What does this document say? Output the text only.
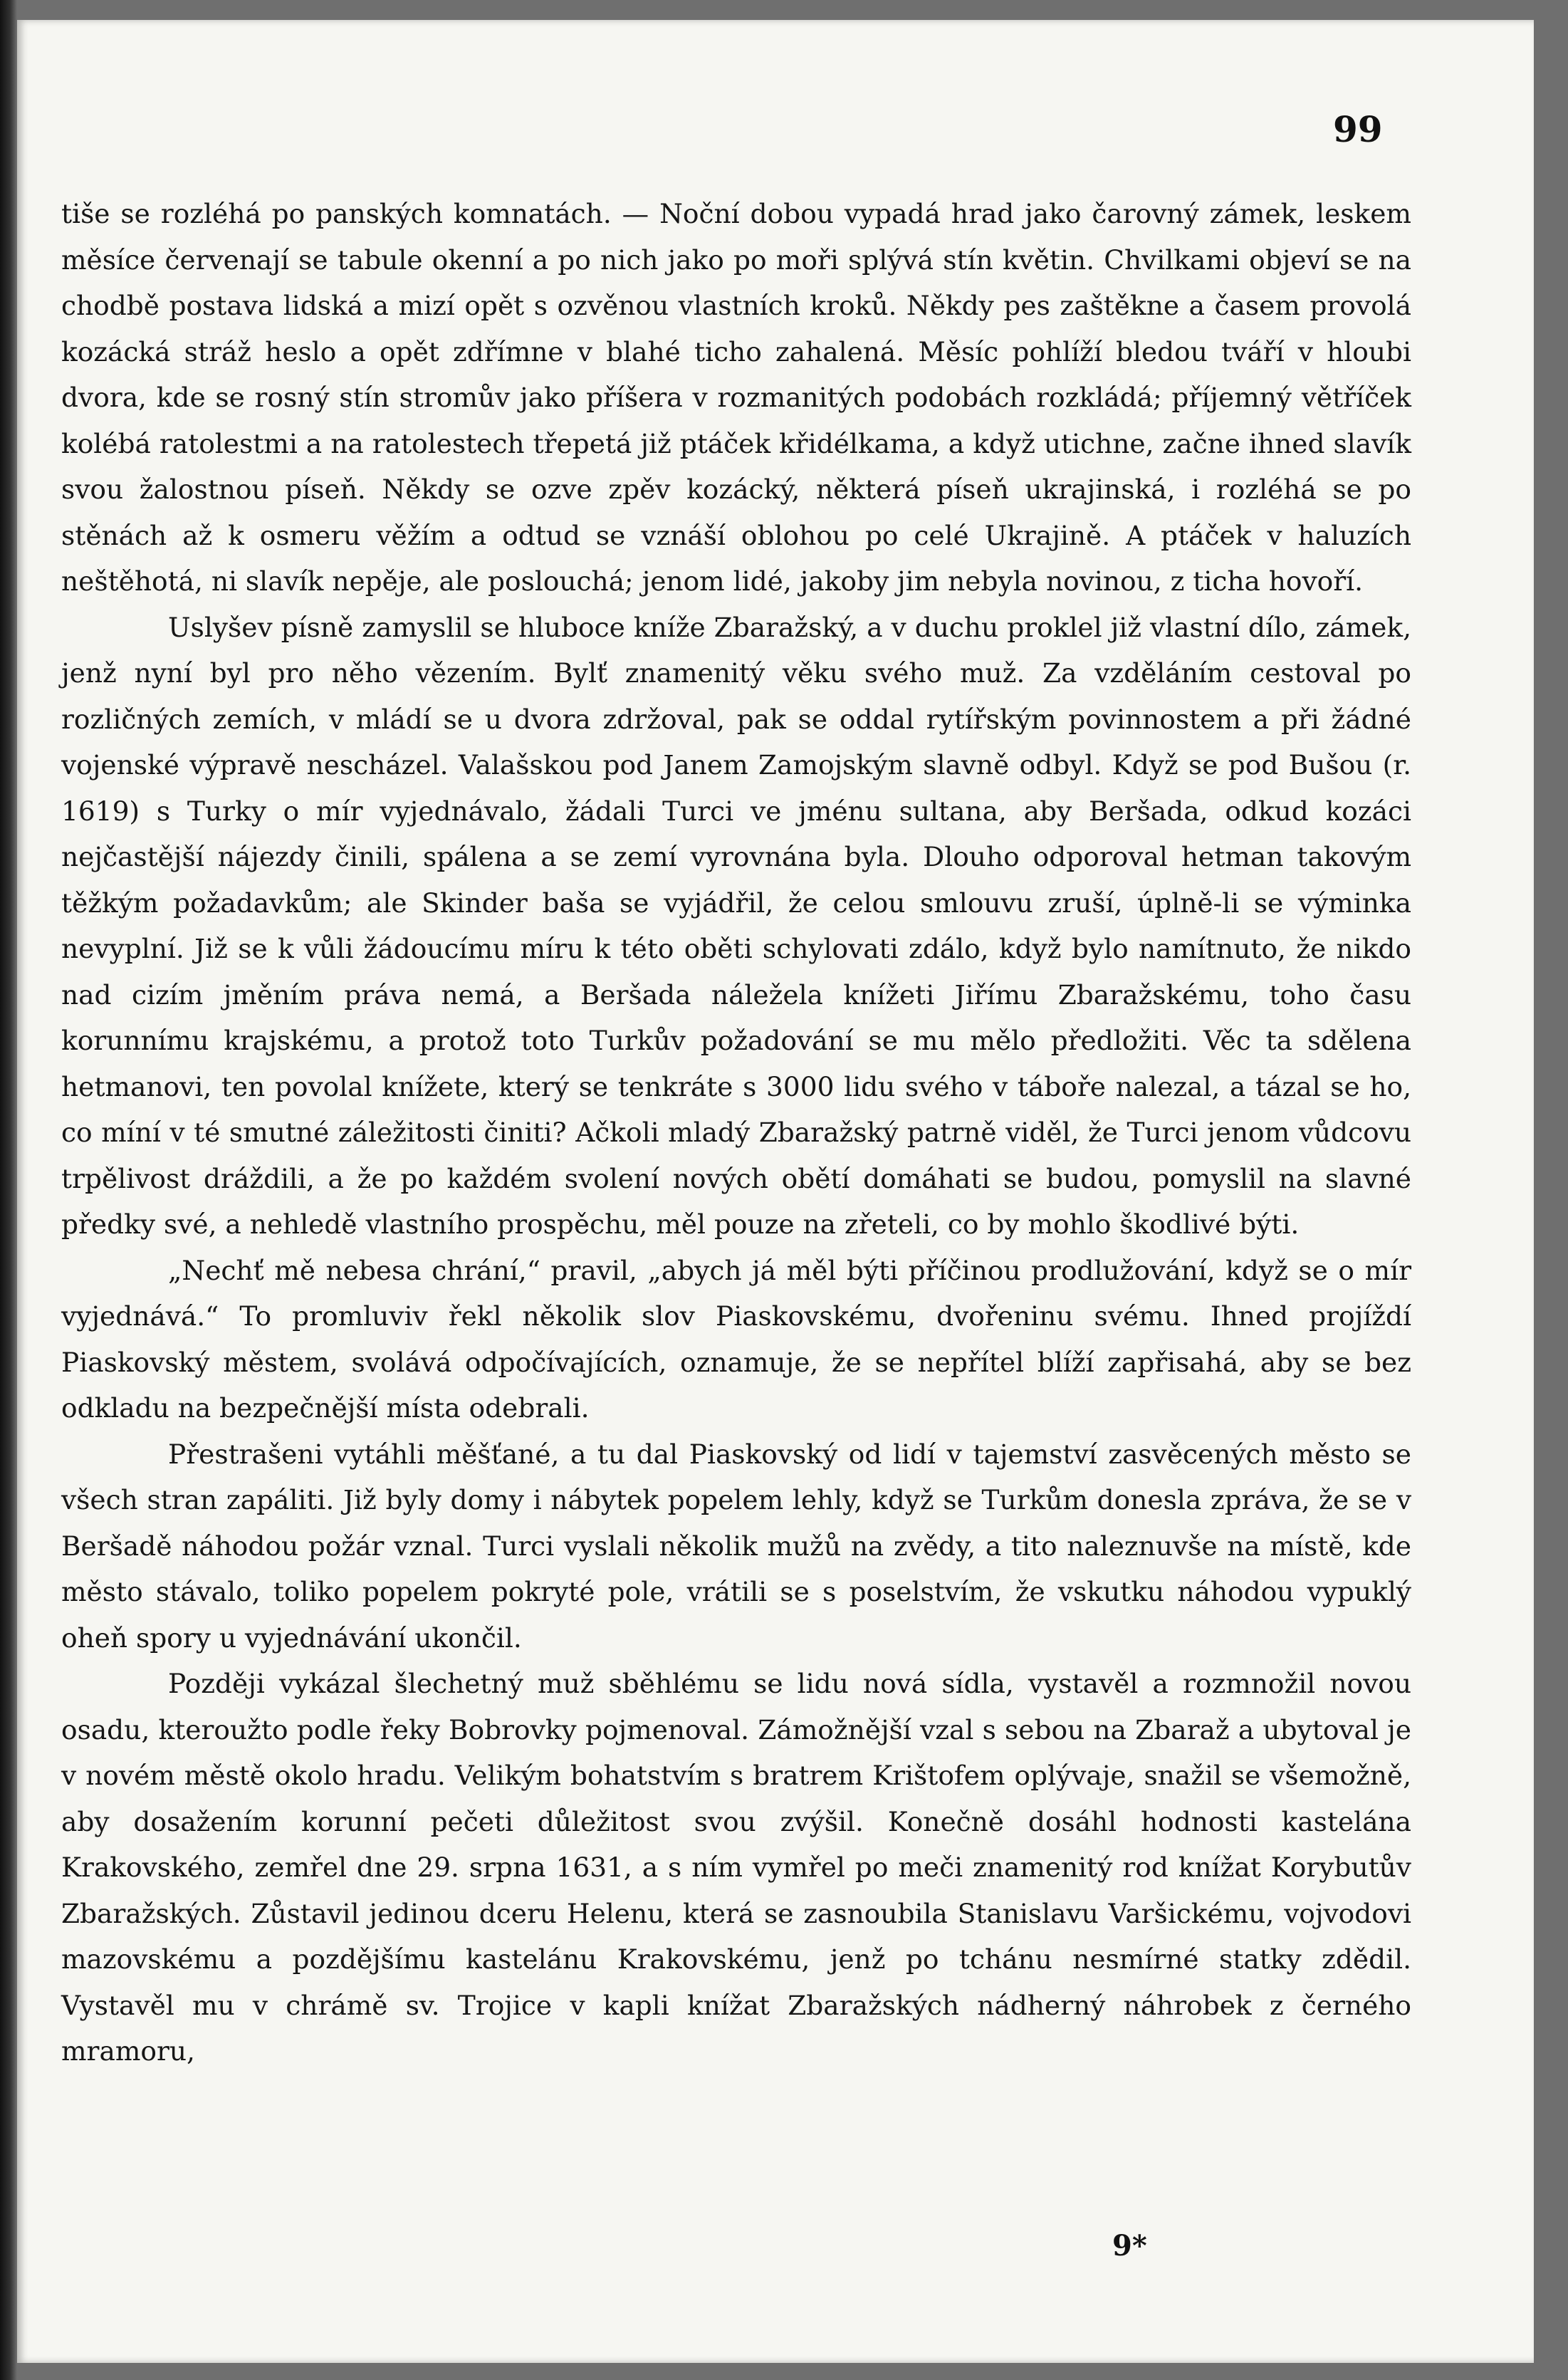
99

tiše se rozléhá po panských komnatách. — Noční dobou vypadá hrad jako čarovný zámek, leskem měsíce červenají se tabule okenní a po nich jako po moři splývá stín květin. Chvilkami objeví se na chodbě postava lidská a mizí opět s ozvěnou vlastních kroků. Někdy pes zaštěkne a časem provolá kozácká stráž heslo a opět zdřímne v blahé ticho zahalená. Měsíc pohlíží bledou tváří v hloubi dvora, kde se rosný stín stromův jako příšera v rozmanitých podobách rozkládá; příjemný větříček kolébá ratolestmi a na ratolestech třepetá již ptáček křidélkama, a když utichne, začne ihned slavík svou žalostnou píseň. Někdy se ozve zpěv kozácký, některá píseň ukrajinská, i rozléhá se po stěnách až k osmeru věžím a odtud se vznáší oblohou po celé Ukrajině. A ptáček v haluzích neštěhotá, ni slavík nepěje, ale poslouchá; jenom lidé, jakoby jim nebyla novinou, z ticha hovoří.

Uslyšev písně zamyslil se hluboce kníže Zbaražský, a v duchu proklel již vlastní dílo, zámek, jenž nyní byl pro něho vězením. Bylť znamenitý věku svého muž. Za vzděláním cestoval po rozličných zemích, v mládí se u dvora zdržoval, pak se oddal rytířským povinnostem a při žádné vojenské výpravě nescházel. Valašskou pod Janem Zamojským slavně odbyl. Když se pod Bušou (r. 1619) s Turky o mír vyjednávalo, žádali Turci ve jménu sultana, aby Beršada, odkud kozáci nejčastější nájezdy činili, spálena a se zemí vyrovnána byla. Dlouho odporoval hetman takovým těžkým požadavkům; ale Skinder baša se vyjádřil, že celou smlouvu zruší, úplně-li se výminka nevyplní. Již se k vůli žádoucímu míru k této oběti schylovati zdálo, když bylo namítnuto, že nikdo nad cizím jměním práva nemá, a Beršada náležela knížeti Jiřímu Zbaražskému, toho času korunnímu krajskému, a protož toto Turkův požadování se mu mělo předložiti. Věc ta sdělena hetmanovi, ten povolal knížete, který se tenkráte s 3000 lidu svého v táboře nalezal, a tázal se ho, co míní v té smutné záležitosti činiti? Ačkoli mladý Zbaražský patrně viděl, že Turci jenom vůdcovu trpělivost dráždili, a že po každém svolení nových obětí domáhati se budou, pomyslil na slavné předky své, a nehledě vlastního prospěchu, měl pouze na zřeteli, co by mohlo škodlivé býti.

„Nechť mě nebesa chrání,“ pravil, „abych já měl býti příčinou prodlužování, když se o mír vyjednává.“ To promluviv řekl několik slov Piaskovskému, dvořeninu svému. Ihned projíždí Piaskovský městem, svolává odpočívajících, oznamuje, že se nepřítel blíží zapřisahá, aby se bez odkladu na bezpečnější místa odebrali.

Přestrašeni vytáhli měšťané, a tu dal Piaskovský od lidí v tajemství zasvěcených město se všech stran zapáliti. Již byly domy i nábytek popelem lehly, když se Turkům donesla zpráva, že se v Beršadě náhodou požár vznal. Turci vyslali několik mužů na zvědy, a tito naleznuvše na místě, kde město stávalo, toliko popelem pokryté pole, vrátili se s poselstvím, že vskutku náhodou vypuklý oheň spory u vyjednávání ukončil.

Později vykázal šlechetný muž sběhlému se lidu nová sídla, vystavěl a rozmnožil novou osadu, kteroužto podle řeky Bobrovky pojmenoval. Zámožnější vzal s sebou na Zbaraž a ubytoval je v novém městě okolo hradu. Velikým bohatstvím s bratrem Krištofem oplývaje, snažil se všemožně, aby dosažením korunní pečeti důležitost svou zvýšil. Konečně dosáhl hodnosti kastelána Krakovského, zemřel dne 29. srpna 1631, a s ním vymřel po meči znamenitý rod knížat Korybutův Zbaražských. Zůstavil jedinou dceru Helenu, která se zasnoubila Stanislavu Varšickému, vojvodovi mazovskému a pozdějšímu kastelánu Krakovskému, jenž po tchánu nesmírné statky zdědil. Vystavěl mu v chrámě sv. Trojice v kapli knížat Zbaražských nádherný náhrobek z černého mramoru,

9*
